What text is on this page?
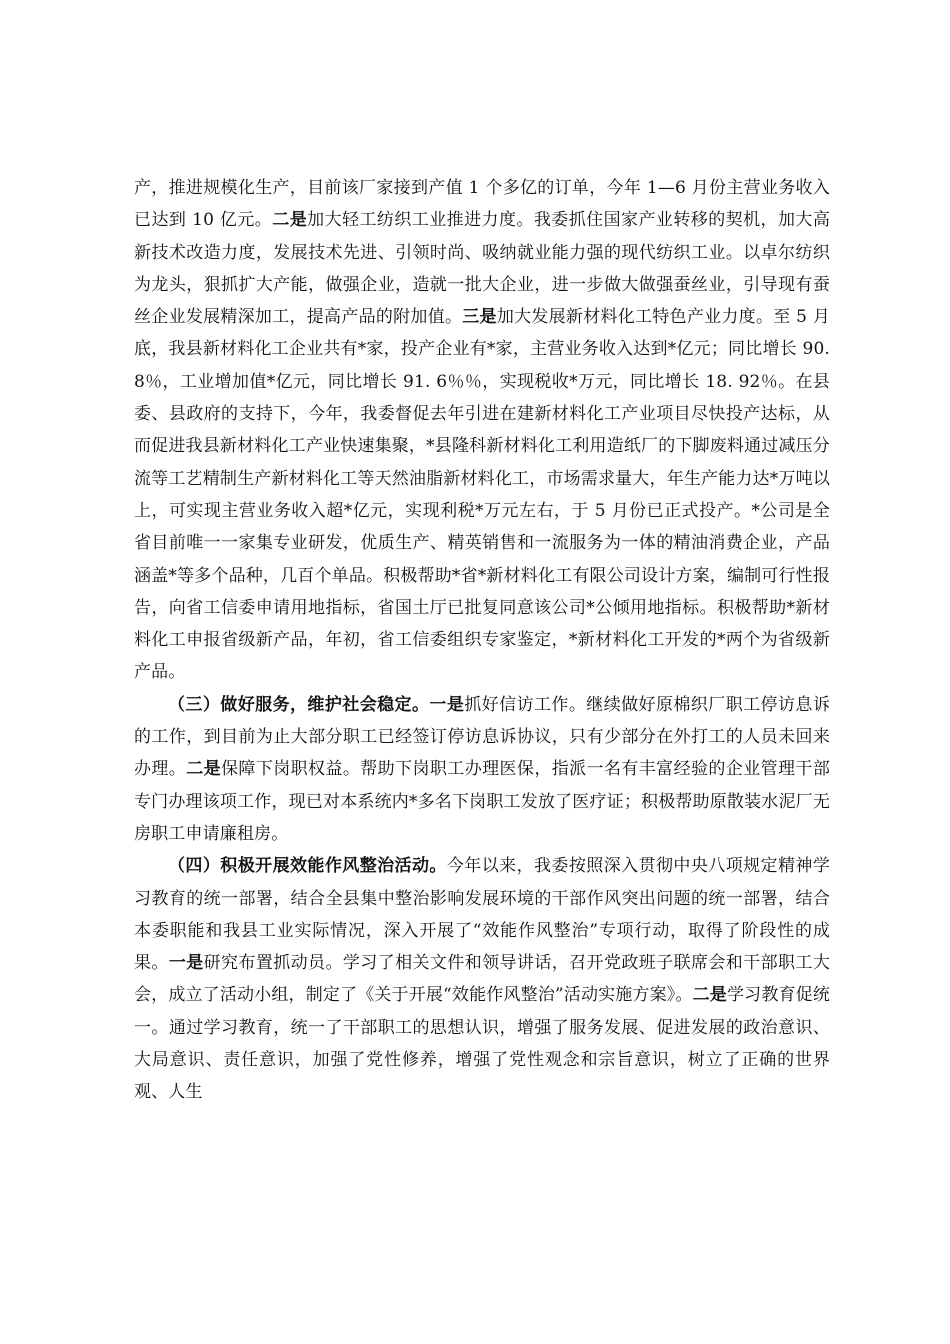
产，推进规模化生产，目前该厂家接到产值 1 个多亿的订单，今年 1—6 月份主营业务收入已达到 10 亿元。二是加大轻工纺织工业推进力度。我委抓住国家产业转移的契机，加大高新技术改造力度，发展技术先进、引领时尚、吸纳就业能力强的现代纺织工业。以卓尔纺织为龙头，狠抓扩大产能，做强企业，造就一批大企业，进一步做大做强蚕丝业，引导现有蚕丝企业发展精深加工，提高产品的附加值。三是加大发展新材料化工特色产业力度。至 5 月底，我县新材料化工企业共有*家，投产企业有*家，主营业务收入达到*亿元；同比增长 90. 8％，工业增加值*亿元，同比增长 91. 6％％，实现税收*万元，同比增长 18. 92％。在县委、县政府的支持下，今年，我委督促去年引进在建新材料化工产业项目尽快投产达标，从而促进我县新材料化工产业快速集聚，*县隆科新材料化工利用造纸厂的下脚废料通过减压分流等工艺精制生产新材料化工等天然油脂新材料化工，市场需求量大，年生产能力达*万吨以上，可实现主营业务收入超*亿元，实现利税*万元左右，于 5 月份已正式投产。*公司是全省目前唯一一家集专业研发，优质生产、精英销售和一流服务为一体的精油消费企业，产品涵盖*等多个品种，几百个单品。积极帮助*省*新材料化工有限公司设计方案，编制可行性报告，向省工信委申请用地指标，省国土厅已批复同意该公司*公倾用地指标。积极帮助*新材料化工申报省级新产品，年初，省工信委组织专家鉴定，*新材料化工开发的*两个为省级新产品。

（三）做好服务，维护社会稳定。一是抓好信访工作。继续做好原棉织厂职工停访息诉的工作，到目前为止大部分职工已经签订停访息诉协议，只有少部分在外打工的人员未回来办理。二是保障下岗职权益。帮助下岗职工办理医保，指派一名有丰富经验的企业管理干部专门办理该项工作，现已对本系统内*多名下岗职工发放了医疗证；积极帮助原散装水泥厂无房职工申请廉租房。

（四）积极开展效能作风整治活动。今年以来，我委按照深入贯彻中央八项规定精神学习教育的统一部署，结合全县集中整治影响发展环境的干部作风突出问题的统一部署，结合本委职能和我县工业实际情况，深入开展了“效能作风整治”专项行动，取得了阶段性的成果。一是研究布置抓动员。学习了相关文件和领导讲话，召开党政班子联席会和干部职工大会，成立了活动小组，制定了《关于开展“效能作风整治”活动实施方案》。二是学习教育促统一。通过学习教育，统一了干部职工的思想认识，增强了服务发展、促进发展的政治意识、大局意识、责任意识，加强了党性修养，增强了党性观念和宗旨意识，树立了正确的世界观、人生
